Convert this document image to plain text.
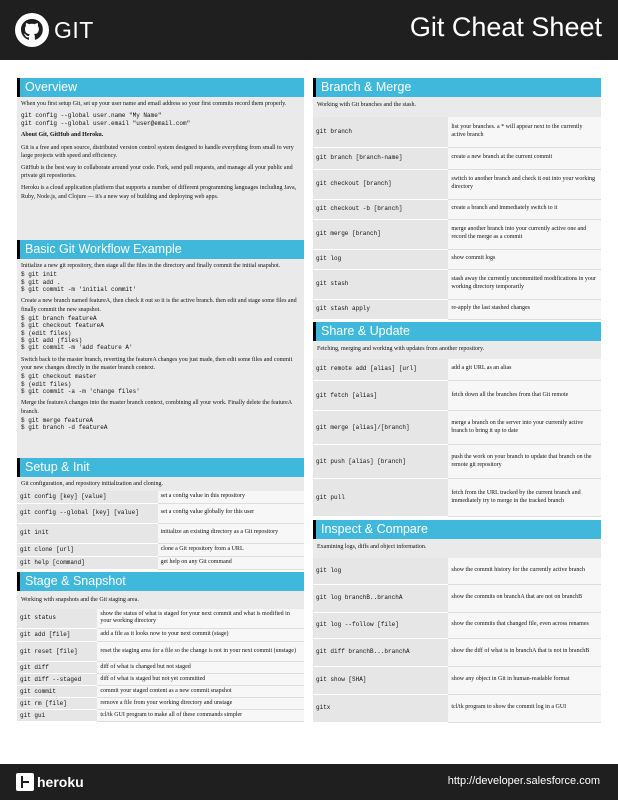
GIT	Git Cheat Sheet
Overview

When you first setup Git, set up your user name and email address so your first commits record them properly.

git config --global user.name "My Name"
git config --global user.email "user@email.com"

About Git, GitHub and Heroku.

Git is a free and open source, distributed version control system designed to handle everything from small to very large projects with speed and efficiency.

GitHub is the best way to collaborate around your code. Fork, send pull requests, and manage all your public and private git repositories.

Heroku is a cloud application platform that supports a number of different programming languages including Java, Ruby, Node.js, and Clojure — it's a new way of building and deploying web apps.

Basic Git Workflow Example

Initialize a new git repository, then stage all the files in the directory and finally commit the initial snapshot.

$ git init
$ git add .
$ git commit -m 'initial commit'

Create a new branch named featureA, then check it out so it is the active branch. then edit and stage some files and finally commit the new snapshot.

$ git branch featureA
$ git checkout featureA
$ (edit files)
$ git add (files)
$ git commit -m 'add feature A'

Switch back to the master branch, reverting the featureA changes you just made, then edit some files and commit your new changes directly in the master branch context.

$ git checkout master
$ (edit files)
$ git commit -a -m 'change files'

Merge the featureA changes into the master branch context, combining all your work. Finally delete the featureA branch.

$ git merge featureA
$ git branch -d featureA
Setup & Init
Git configuration, and repository initialization and cloning.
git config [key] [value]	set a config value in this repository
git config --global [key] [value]	set a config value globally for this user
git init	initialize an existing directory as a Git repository
git clone [url]	clone a Git repository from a URL
git help [command]	get help on any Git command
Stage & Snapshot
Working with snapshots and the Git staging area.
git status	show the status of what is staged for your next commit and what is modified in your working directory
git add [file]	add a file as it looks now to your next commit (stage)
git reset [file]	reset the staging area for a file so the change is not in your next commit (unstage)
git diff	diff of what is changed but not staged
git diff --staged	diff of what is staged but not yet committed
git commit	commit your staged content as a new commit snapshot
git rm [file]	remove a file from your working directory and unstage
git gui	tcl/tk GUI program to make all of these commands simpler
Branch & Merge
Working with Git branches and the stash.
git branch	list your branches. a * will appear next to the currently active branch
git branch [branch-name]	create a new branch at the current commit
git checkout [branch]	switch to another branch and check it out into your working directory
git checkout -b [branch]	create a branch and immediately switch to it
git merge [branch]	merge another branch into your currently active one and record the merge as a commit
git log	show commit logs
git stash	stash away the currently uncommitted modifications in your working directory temporarily
git stash apply	re-apply the last stashed changes
Share & Update
Fetching, merging and working with updates from another repository.
git remote add [alias] [url]	add a git URL as an alias
git fetch [alias]	fetch down all the branches from that Git remote
git merge [alias]/[branch]	merge a branch on the server into your currently active branch to bring it up to date
git push [alias] [branch]	push the work on your branch to update that branch on the remote git repository
git pull	fetch from the URL tracked by the current branch and immediately try to merge in the tracked branch
Inspect & Compare
Examining logs, diffs and object information.
git log	show the commit history for the currently active branch
git log branchB..branchA	show the commits on branchA that are not on branchB
git log --follow [file]	show the commits that changed file, even across renames
git diff branchB...branchA	show the diff of what is in branchA that is not in branchB
git show [SHA]	show any object in Git in human-readable format
gitx	tcl/tk program to show the commit log in a GUI
heroku	http://developer.salesforce.com
